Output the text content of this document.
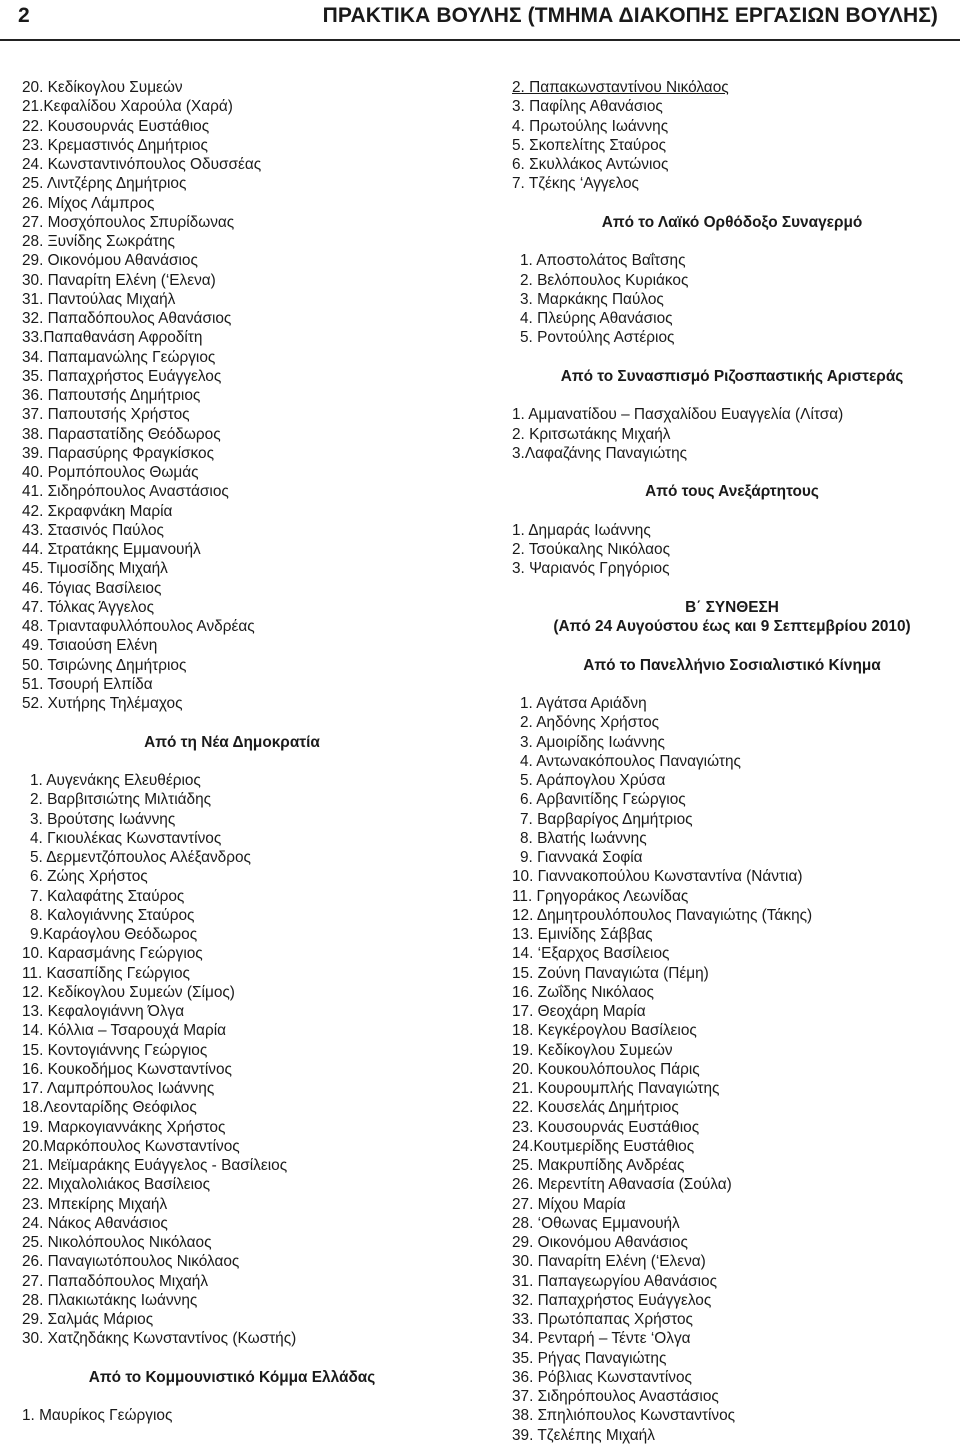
2	ΠΡΑΚΤΙΚΑ ΒΟΥΛΗΣ (ΤΜΗΜΑ ΔΙΑΚΟΠΗΣ ΕΡΓΑΣΙΩΝ ΒΟΥΛΗΣ)
20. Κεδίκογλου Συμεών
21.Κεφαλίδου Χαρούλα (Χαρά)
22. Κουσουρνάς Ευστάθιος
23. Κρεμαστινός Δημήτριος
24. Κωνσταντινόπουλος Οδυσσέας
25. Λιντζέρης Δημήτριος
26. Μίχος Λάμπρος
27. Μοσχόπουλος Σπυρίδωνας
28. Ξυνίδης Σωκράτης
29. Οικονόμου Αθανάσιος
30. Παναρίτη Ελένη (‘Ελενα)
31. Παντούλας Μιχαήλ
32. Παπαδόπουλος Αθανάσιος
33.Παπαθανάση Αφροδίτη
34. Παπαμανώλης Γεώργιος
35. Παπαχρήστος Ευάγγελος
36. Παπουτσής Δημήτριος
37. Παπουτσής Χρήστος
38. Παραστατίδης Θεόδωρος
39. Παρασύρης Φραγκίσκος
40. Ρομπόπουλος Θωμάς
41. Σιδηρόπουλος Αναστάσιος
42. Σκραφνάκη Μαρία
43. Στασινός Παύλος
44. Στρατάκης Εμμανουήλ
45. Τιμοσίδης Μιχαήλ
46. Τόγιας Βασίλειος
47. Τόλκας Άγγελος
48. Τριανταφυλλόπουλος Ανδρέας
49. Τσιαούση Ελένη
50. Τσιρώνης Δημήτριος
51. Τσουρή Ελπίδα
52. Χυτήρης Τηλέμαχος
Από τη Νέα Δημοκρατία
1. Αυγενάκης Ελευθέριος
2. Βαρβιτσιώτης Μιλτιάδης
3. Βρούτσης Ιωάννης
4. Γκιουλέκας Κωνσταντίνος
5. Δερμεντζόπουλος Αλέξανδρος
6. Ζώης Χρήστος
7. Καλαφάτης Σταύρος
8. Καλογιάννης Σταύρος
9.Καράογλου Θεόδωρος
10. Καρασμάνης Γεώργιος
11. Κασαπίδης Γεώργιος
12. Κεδίκογλου Συμεών (Σίμος)
13. Κεφαλογιάννη Όλγα
14. Κόλλια – Τσαρουχά Μαρία
15. Κοντογιάννης Γεώργιος
16. Κουκοδήμος Κωνσταντίνος
17. Λαμπρόπουλος Ιωάννης
18.Λεονταρίδης Θεόφιλος
19. Μαρκογιαννάκης Χρήστος
20.Μαρκόπουλος Κωνσταντίνος
21. Μεϊμαράκης Ευάγγελος - Βασίλειος
22. Μιχαλολιάκος Βασίλειος
23. Μπεκίρης Μιχαήλ
24. Νάκος Αθανάσιος
25. Νικολόπουλος Νικόλαος
26. Παναγιωτόπουλος Νικόλαος
27. Παπαδόπουλος Μιχαήλ
28. Πλακιωτάκης Ιωάννης
29. Σαλμάς Μάριος
30. Χατζηδάκης Κωνσταντίνος (Κωστής)
Από το Κομμουνιστικό Κόμμα Ελλάδας
1. Μαυρίκος Γεώργιος
2. Παπακωνσταντίνου Νικόλαος
3. Παφίλης Αθανάσιος
4. Πρωτούλης Ιωάννης
5. Σκοπελίτης Σταύρος
6. Σκυλλάκος Αντώνιος
7. Τζέκης ‘Αγγελος
Από το Λαϊκό Ορθόδοξο Συναγερμό
1. Αποστολάτος Βαΐτσης
2. Βελόπουλος Κυριάκος
3. Μαρκάκης Παύλος
4. Πλεύρης Αθανάσιος
5. Ροντούλης Αστέριος
Από το Συνασπισμό Ριζοσπαστικής Αριστεράς
1. Αμμανατίδου – Πασχαλίδου Ευαγγελία (Λίτσα)
2. Κριτσωτάκης Μιχαήλ
3.Λαφαζάνης Παναγιώτης
Από τους Ανεξάρτητους
1. Δημαράς Ιωάννης
2. Τσούκαλης Νικόλαος
3. Ψαριανός Γρηγόριος
Β΄ ΣΥΝΘΕΣΗ
(Από 24 Αυγούστου έως και 9 Σεπτεμβρίου 2010)
Από το Πανελλήνιο Σοσιαλιστικό Κίνημα
1. Αγάτσα Αριάδνη
2. Αηδόνης Χρήστος
3. Αμοιρίδης Ιωάννης
4. Αντωνακόπουλος Παναγιώτης
5. Αράπογλου Χρύσα
6. Αρβανιτίδης Γεώργιος
7. Βαρβαρίγος Δημήτριος
8. Βλατής Ιωάννης
9. Γιαννακά Σοφία
10. Γιαννακοπούλου Κωνσταντίνα (Νάντια)
11. Γρηγοράκος Λεωνίδας
12. Δημητρουλόπουλος Παναγιώτης (Τάκης)
13. Εμινίδης Σάββας
14. ‘Εξαρχος Βασίλειος
15. Ζούνη Παναγιώτα (Πέμη)
16. Ζωΐδης Νικόλαος
17. Θεοχάρη Μαρία
18. Κεγκέρογλου Βασίλειος
19. Κεδίκογλου Συμεών
20. Κουκουλόπουλος Πάρις
21. Κουρουμπλής Παναγιώτης
22. Κουσελάς Δημήτριος
23. Κουσουρνάς Ευστάθιος
24.Κουτμερίδης Ευστάθιος
25. Μακρυπίδης Ανδρέας
26. Μερεντίτη Αθανασία (Σούλα)
27. Μίχου Μαρία
28. ‘Οθωνας Εμμανουήλ
29. Οικονόμου Αθανάσιος
30. Παναρίτη Ελένη (‘Ελενα)
31. Παπαγεωργίου Αθανάσιος
32. Παπαχρήστος Ευάγγελος
33. Πρωτόπαπας Χρήστος
34. Ρενταρή – Τέντε ‘Ολγα
35. Ρήγας Παναγιώτης
36. Ρόβλιας Κωνσταντίνος
37. Σιδηρόπουλος Αναστάσιος
38. Σπηλιόπουλος Κωνσταντίνος
39. Τζελέπης Μιχαήλ
